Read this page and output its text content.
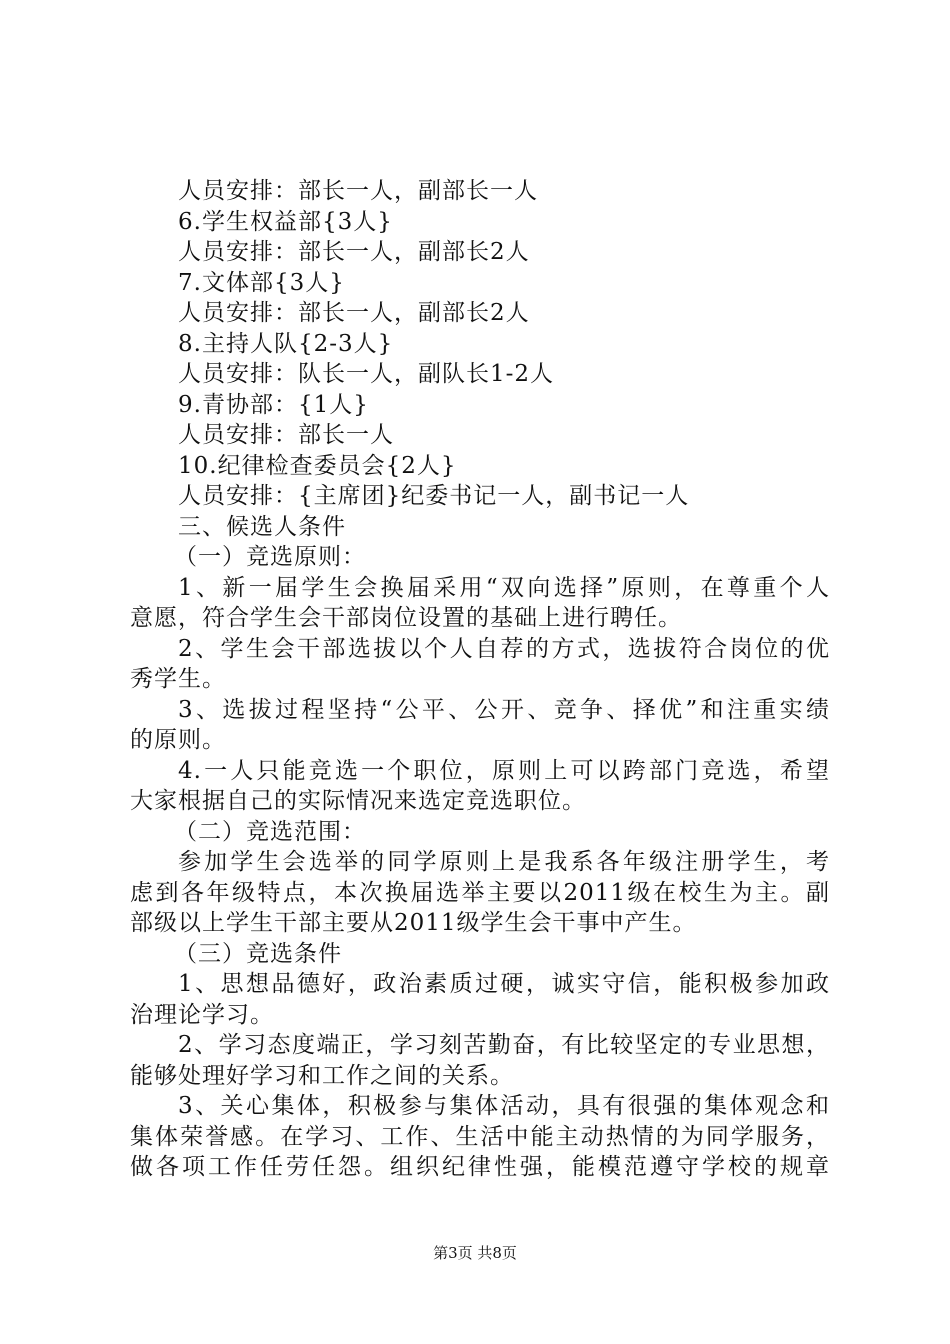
人员安排：部长一人，副部长一人
6.学生权益部{3人}
人员安排：部长一人，副部长2人
7.文体部{3人}
人员安排：部长一人，副部长2人
8.主持人队{2-3人}
人员安排：队长一人，副队长1-2人
9.青协部：{1人}
人员安排：部长一人
10.纪律检查委员会{2人}
人员安排：{主席团}纪委书记一人，副书记一人
三、候选人条件
（一）竞选原则：
1、新一届学生会换届采用“双向选择”原则，在尊重个人
意愿，符合学生会干部岗位设置的基础上进行聘任。
2、学生会干部选拔以个人自荐的方式，选拔符合岗位的优
秀学生。
3、选拔过程坚持“公平、公开、竞争、择优”和注重实绩
的原则。
4.一人只能竞选一个职位，原则上可以跨部门竞选，希望
大家根据自己的实际情况来选定竞选职位。
（二）竞选范围：
参加学生会选举的同学原则上是我系各年级注册学生，考
虑到各年级特点，本次换届选举主要以2011级在校生为主。副
部级以上学生干部主要从2011级学生会干事中产生。
（三）竞选条件
1、思想品德好，政治素质过硬，诚实守信，能积极参加政
治理论学习。
2、学习态度端正，学习刻苦勤奋，有比较坚定的专业思想，
能够处理好学习和工作之间的关系。
3、关心集体，积极参与集体活动，具有很强的集体观念和
集体荣誉感。在学习、工作、生活中能主动热情的为同学服务，
做各项工作任劳任怨。组织纪律性强，能模范遵守学校的规章
第3页 共8页
